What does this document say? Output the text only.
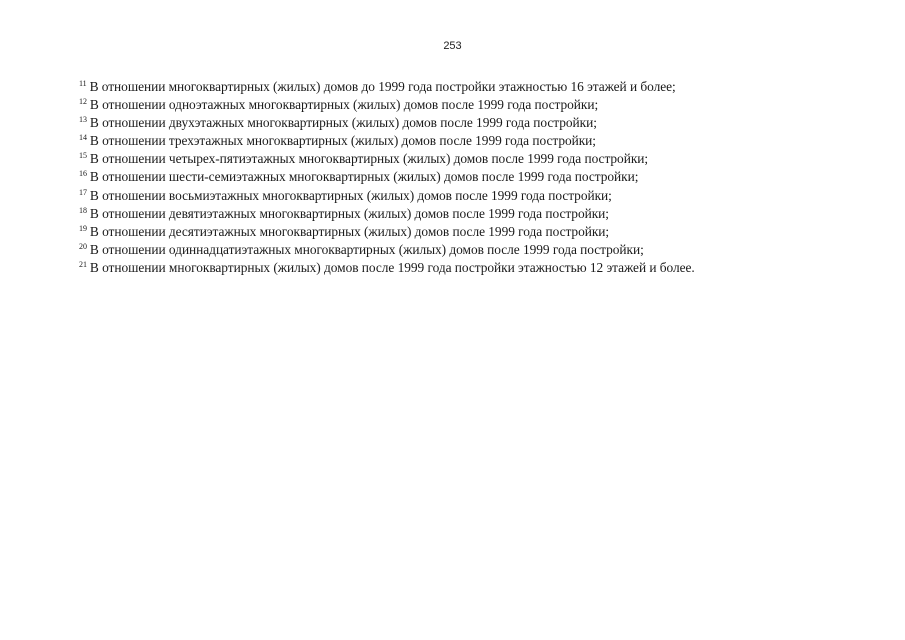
253
$^{11}$ В отношении многоквартирных (жилых) домов до 1999 года постройки этажностью 16 этажей и более;
$^{12}$ В отношении одноэтажных многоквартирных (жилых) домов после 1999 года постройки;
$^{13}$ В отношении двухэтажных многоквартирных (жилых) домов после 1999 года постройки;
$^{14}$ В отношении трехэтажных многоквартирных (жилых) домов после 1999 года постройки;
$^{15}$ В отношении четырех-пятиэтажных многоквартирных (жилых) домов после 1999 года постройки;
$^{16}$ В отношении шести-семиэтажных многоквартирных (жилых) домов после 1999 года постройки;
$^{17}$ В отношении восьмиэтажных многоквартирных (жилых) домов после 1999 года постройки;
$^{18}$ В отношении девятиэтажных многоквартирных (жилых) домов после 1999 года постройки;
$^{19}$ В отношении десятиэтажных многоквартирных (жилых) домов после 1999 года постройки;
$^{20}$ В отношении одиннадцатиэтажных многоквартирных (жилых) домов после 1999 года постройки;
$^{21}$ В отношении многоквартирных (жилых) домов после 1999 года постройки этажностью 12 этажей и более.
